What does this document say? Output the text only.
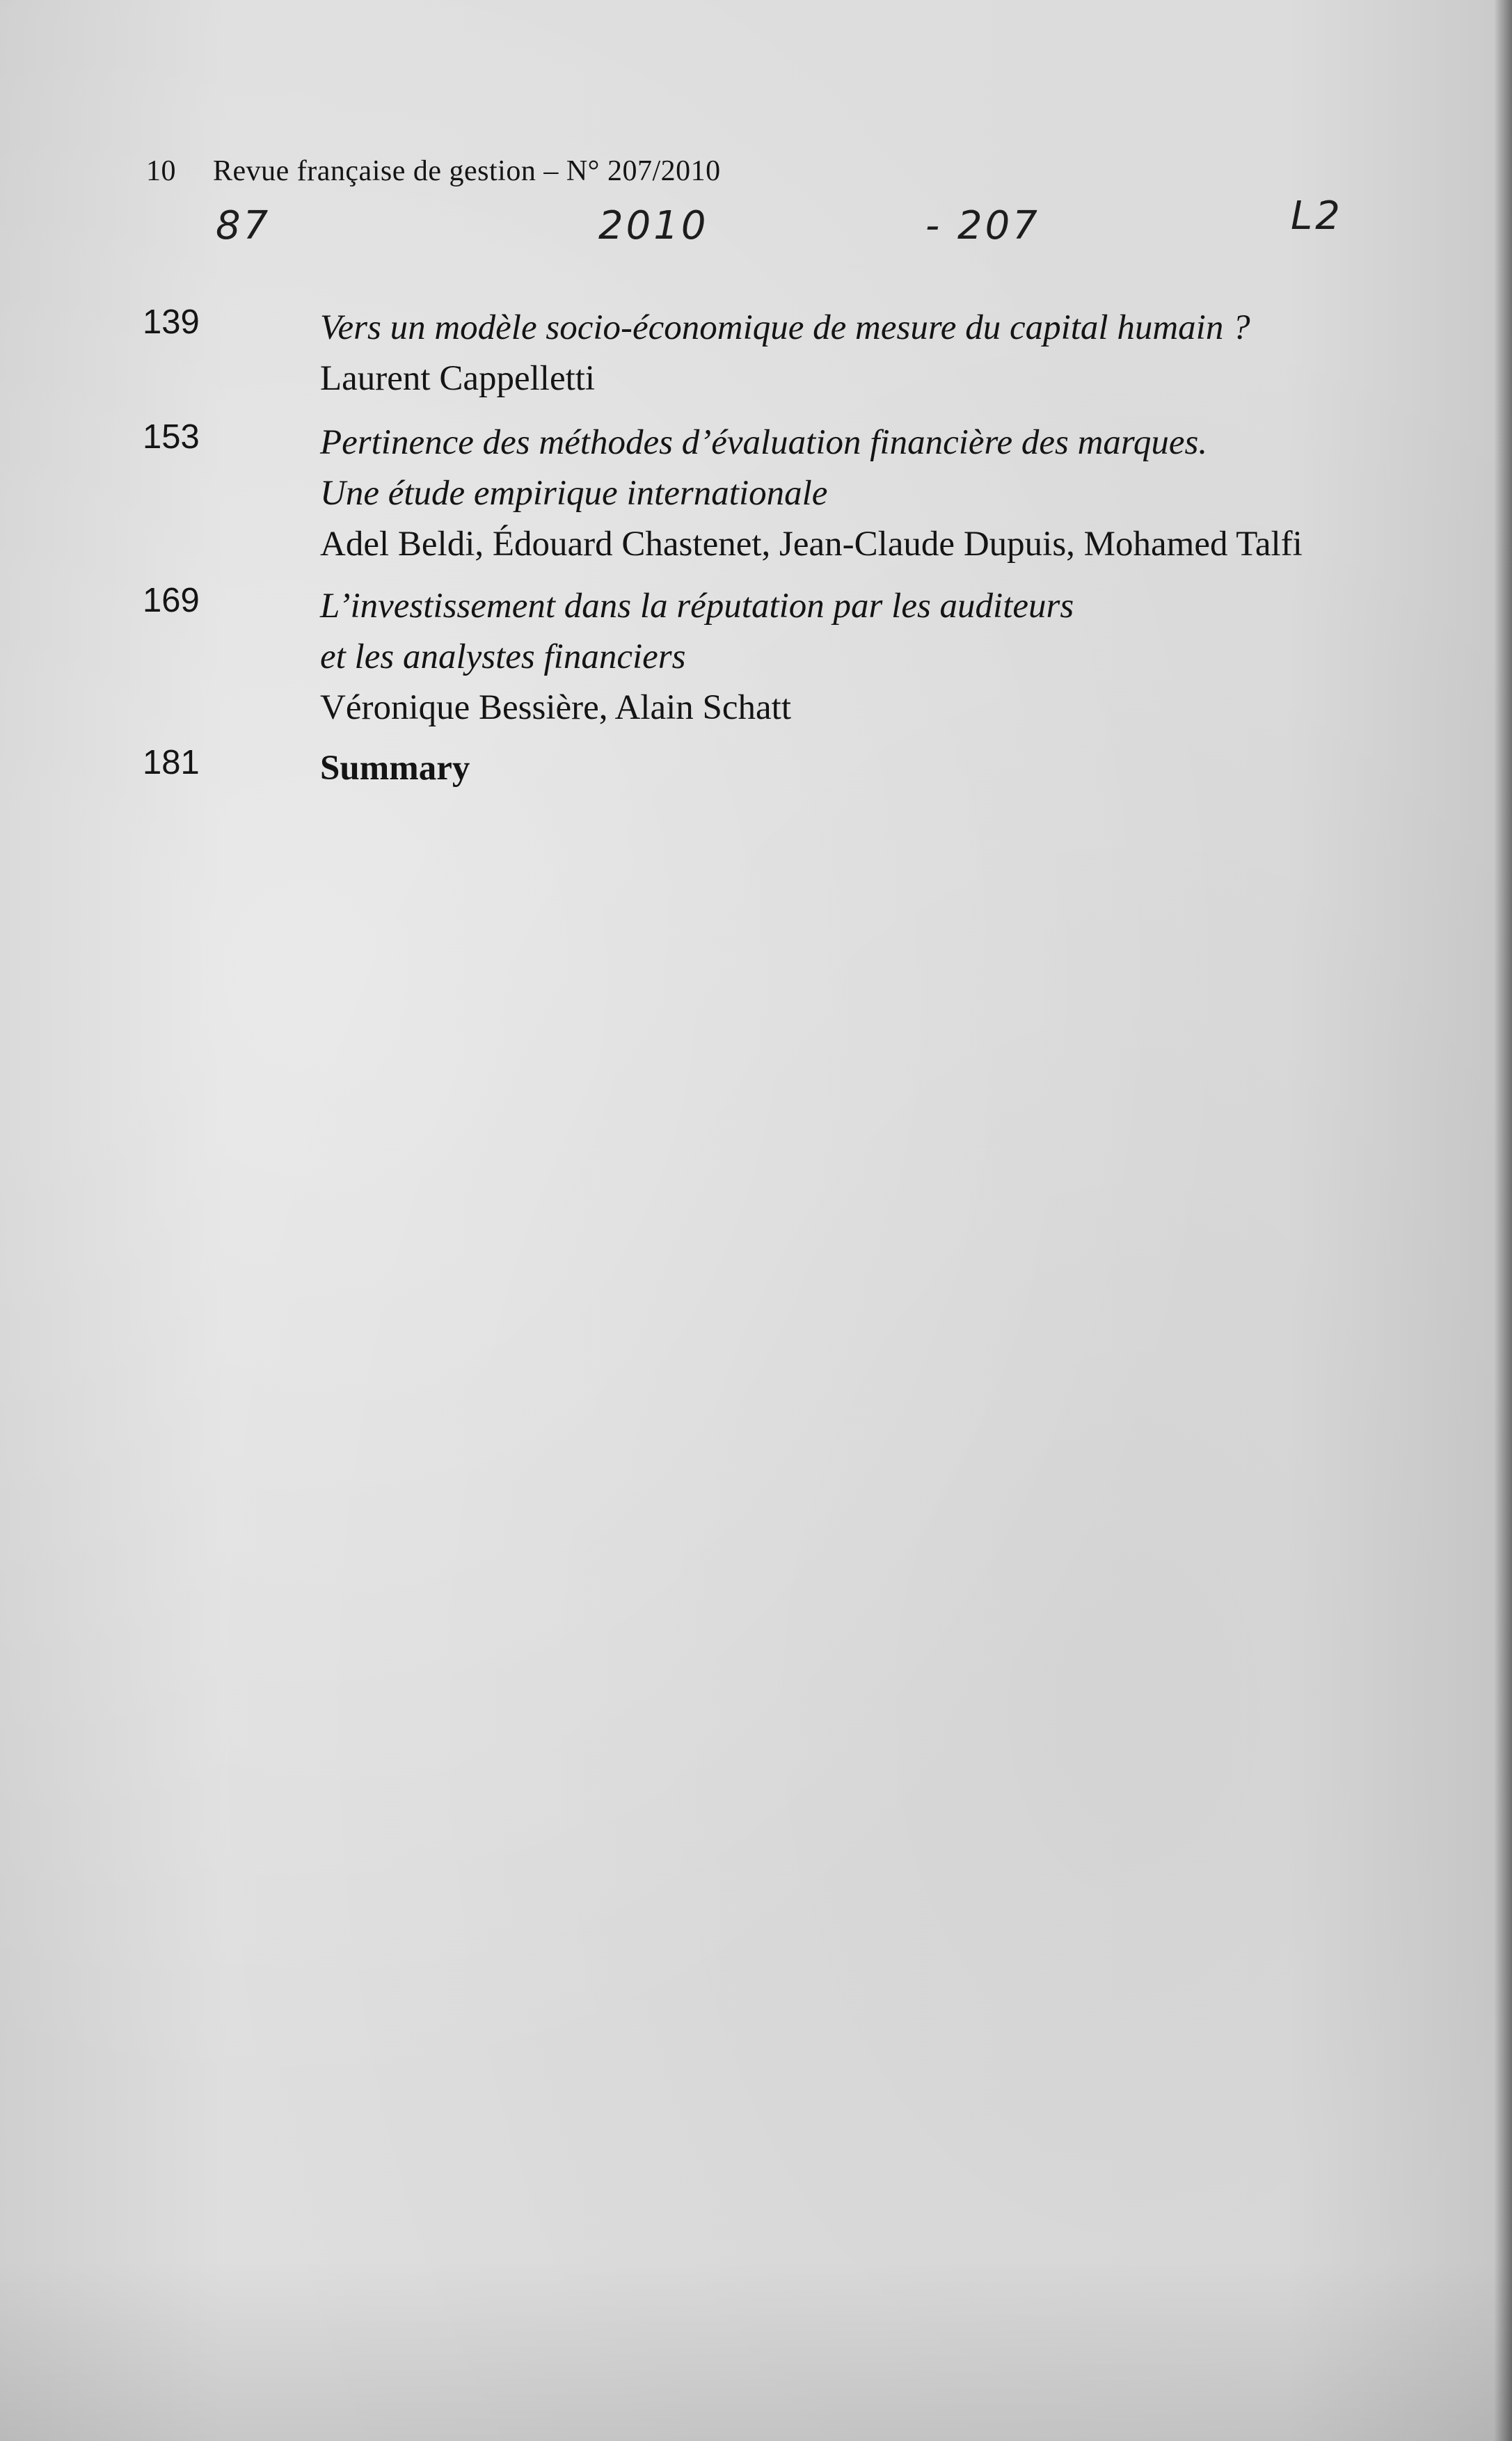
10 Revue française de gestion – N° 207/2010
87	2010	- 207	L2
139	Vers un modèle socio-économique de mesure du capital humain ?
Laurent Cappelletti
153	Pertinence des méthodes d’évaluation financière des marques.
Une étude empirique internationale
Adel Beldi, Édouard Chastenet, Jean-Claude Dupuis, Mohamed Talfi
169	L’investissement dans la réputation par les auditeurs
et les analystes financiers
Véronique Bessière, Alain Schatt
181	Summary
